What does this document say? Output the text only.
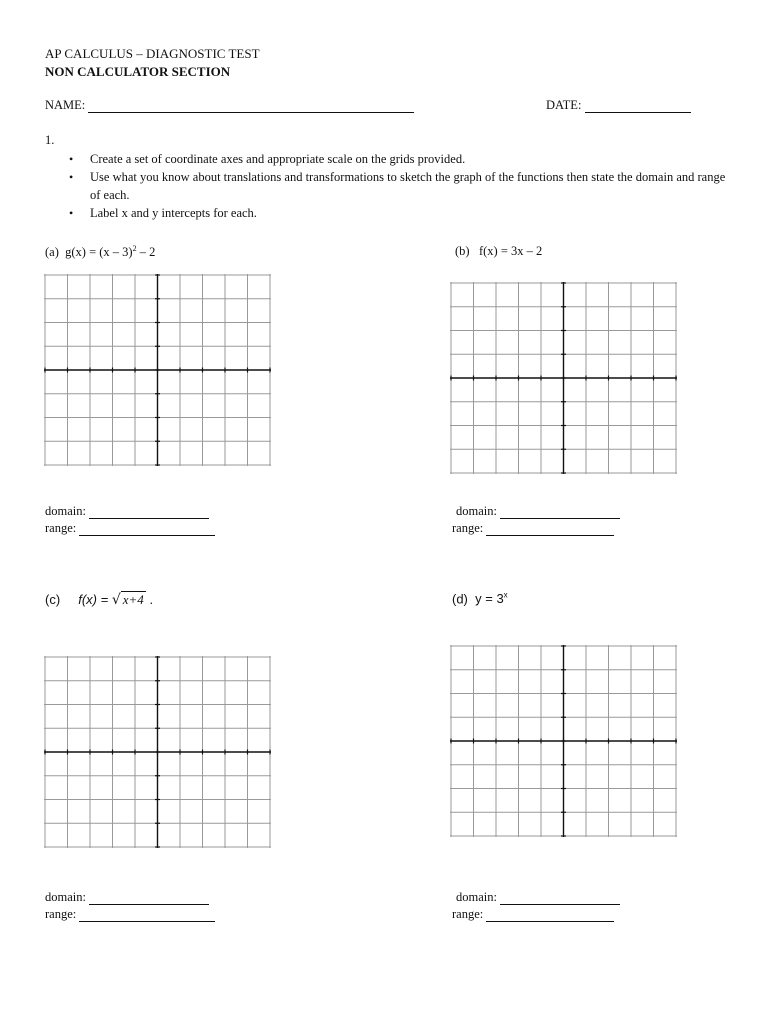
AP CALCULUS – DIAGNOSTIC TEST
NON CALCULATOR SECTION
NAME:	DATE:
1.
• Create a set of coordinate axes and appropriate scale on the grids provided.
• Use what you know about translations and transformations to sketch the graph of the functions then state the domain and range of each.
• Label x and y intercepts for each.
(a) g(x) = (x – 3)$^2$ – 2	(b) f(x) = 3x – 2
(c) f(x) = √ x+4 .	(d) $y = 3^x$
domain:
range:
domain:
range:
domain:
range:
domain:
range:
